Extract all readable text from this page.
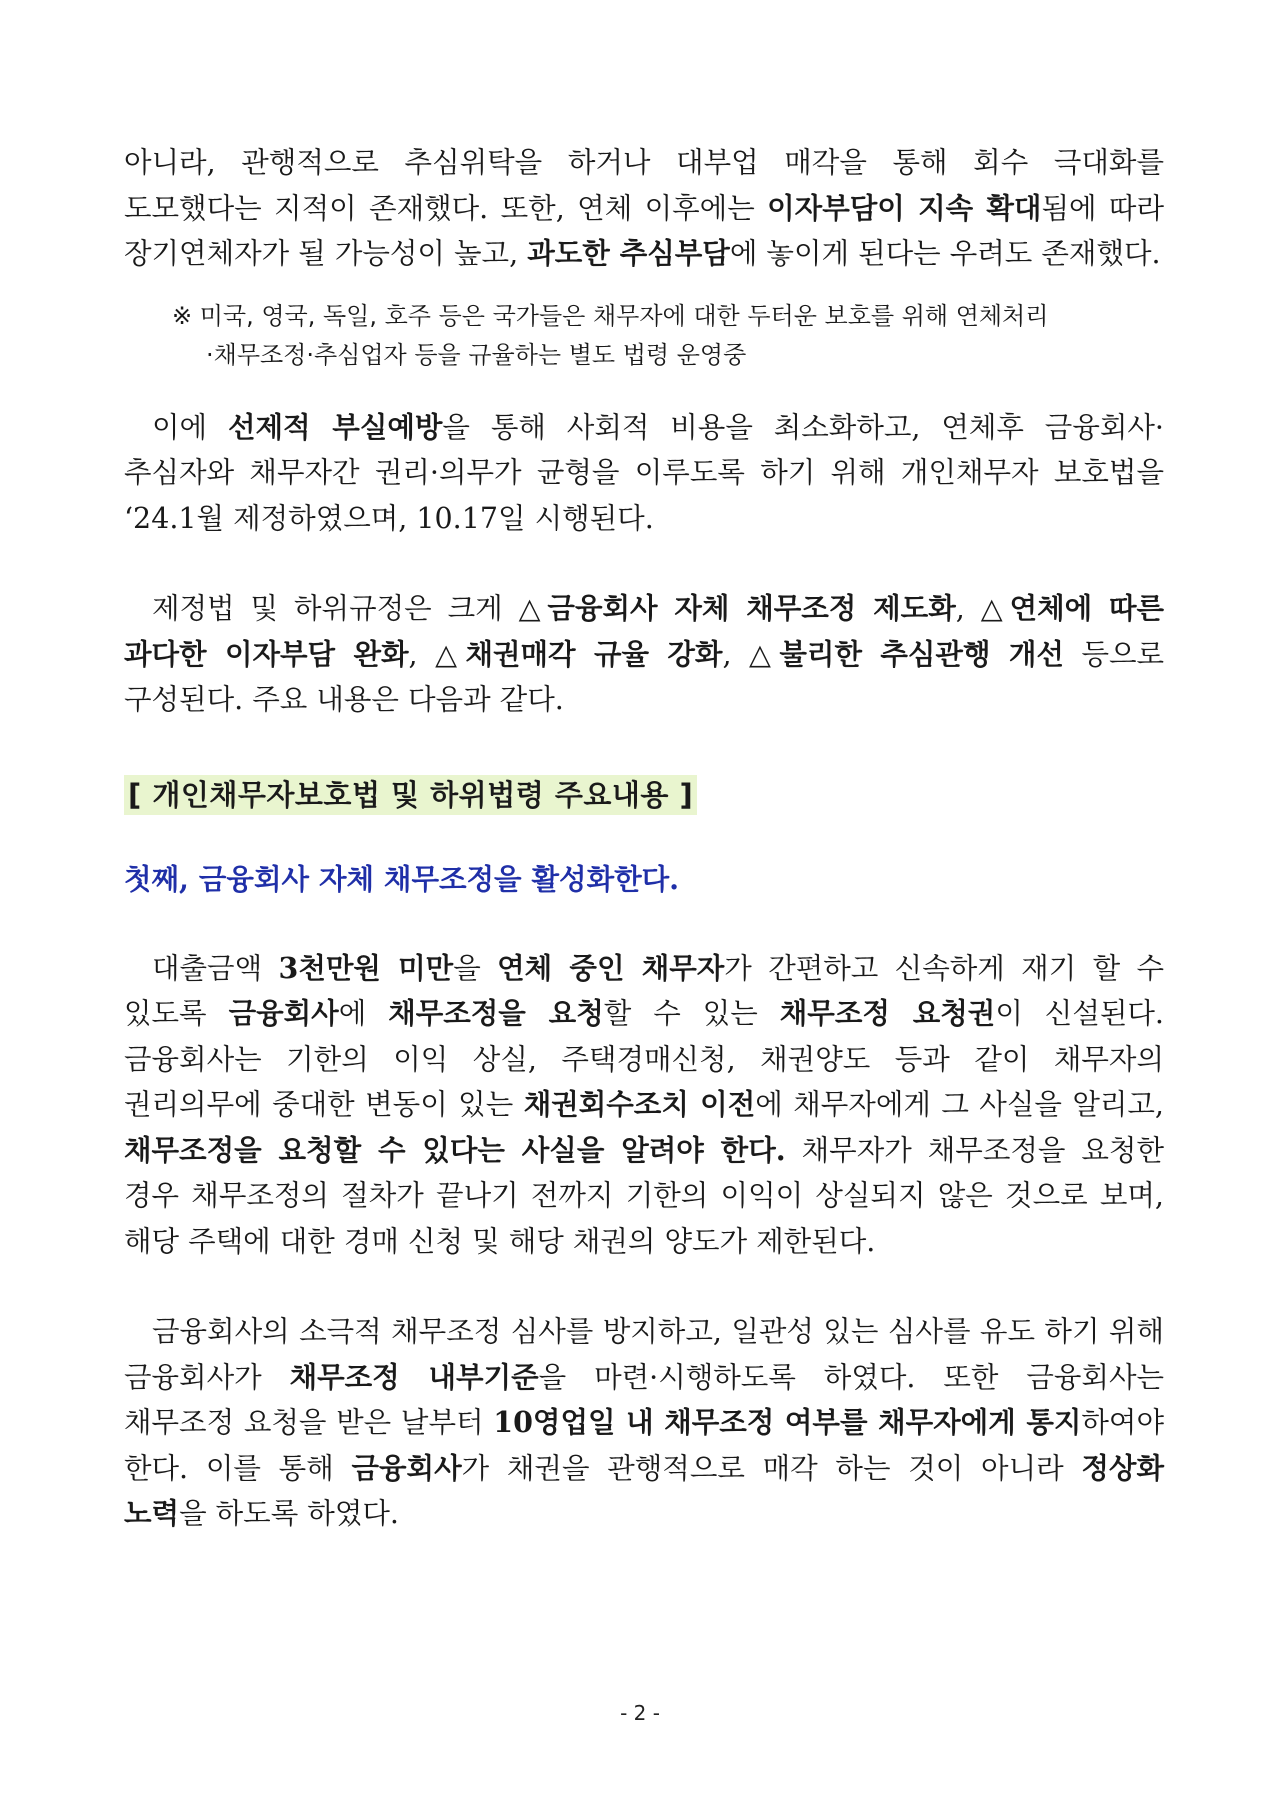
아니라, 관행적으로 추심위탁을 하거나 대부업 매각을 통해 회수 극대화를 도모했다는 지적이 존재했다. 또한, 연체 이후에는 이자부담이 지속 확대됨에 따라 장기연체자가 될 가능성이 높고, 과도한 추심부담에 놓이게 된다는 우려도 존재했다.

※ 미국, 영국, 독일, 호주 등은 국가들은 채무자에 대한 두터운 보호를 위해 연체처리
·채무조정·추심업자 등을 규율하는 별도 법령 운영중

이에 선제적 부실예방을 통해 사회적 비용을 최소화하고, 연체후 금융회사·추심자와 채무자간 권리·의무가 균형을 이루도록 하기 위해 개인채무자 보호법을 ‘24.1월 제정하였으며, 10.17일 시행된다.

제정법 및 하위규정은 크게 △금융회사 자체 채무조정 제도화, △연체에 따른 과다한 이자부담 완화, △채권매각 규율 강화, △불리한 추심관행 개선 등으로 구성된다. 주요 내용은 다음과 같다.

[ 개인채무자보호법 및 하위법령 주요내용 ]
첫째, 금융회사 자체 채무조정을 활성화한다.

대출금액 3천만원 미만을 연체 중인 채무자가 간편하고 신속하게 재기 할 수 있도록 금융회사에 채무조정을 요청할 수 있는 채무조정 요청권이 신설된다. 금융회사는 기한의 이익 상실, 주택경매신청, 채권양도 등과 같이 채무자의 권리의무에 중대한 변동이 있는 채권회수조치 이전에 채무자에게 그 사실을 알리고, 채무조정을 요청할 수 있다는 사실을 알려야 한다. 채무자가 채무조정을 요청한 경우 채무조정의 절차가 끝나기 전까지 기한의 이익이 상실되지 않은 것으로 보며, 해당 주택에 대한 경매 신청 및 해당 채권의 양도가 제한된다.

금융회사의 소극적 채무조정 심사를 방지하고, 일관성 있는 심사를 유도 하기 위해 금융회사가 채무조정 내부기준을 마련·시행하도록 하였다. 또한 금융회사는 채무조정 요청을 받은 날부터 10영업일 내 채무조정 여부를 채무자에게 통지하여야 한다. 이를 통해 금융회사가 채권을 관행적으로 매각 하는 것이 아니라 정상화 노력을 하도록 하였다.

- 2 -
